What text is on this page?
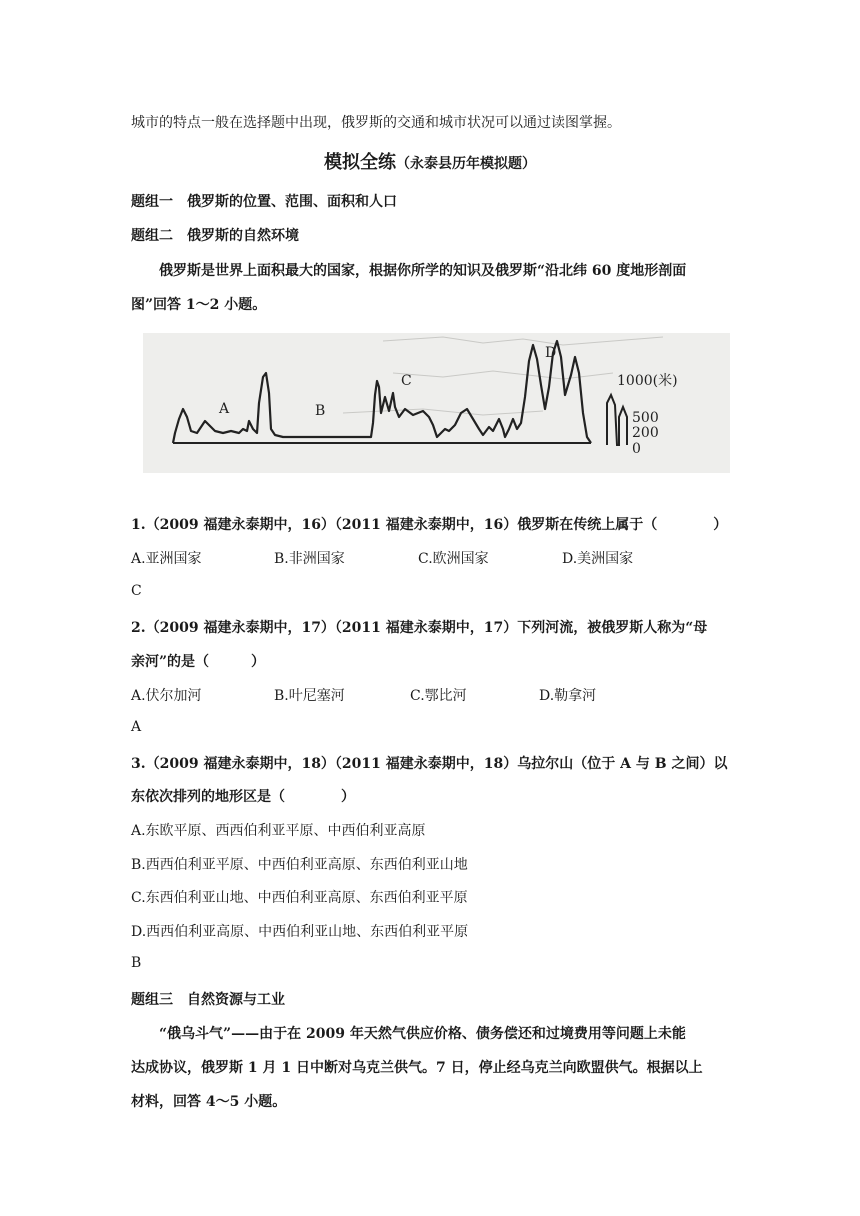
城市的特点一般在选择题中出现，俄罗斯的交通和城市状况可以通过读图掌握。
模拟全练（永泰县历年模拟题）
题组一　俄罗斯的位置、范围、面积和人口
题组二　俄罗斯的自然环境
俄罗斯是世界上面积最大的国家，根据你所学的知识及俄罗斯“沿北纬 60 度地形剖面
图”回答 1～2 小题。
A	B
C
D
1000(米)
500
200
0
1.（2009 福建永泰期中，16）（2011 福建永泰期中，16）俄罗斯在传统上属于（　　　　）
A.亚洲国家	B.非洲国家	C.欧洲国家	D.美洲国家
C
2.（2009 福建永泰期中，17）（2011 福建永泰期中，17）下列河流，被俄罗斯人称为“母
亲河”的是（　　　）
A.伏尔加河	B.叶尼塞河	C.鄂比河	D.勒拿河
A
3.（2009 福建永泰期中，18）（2011 福建永泰期中，18）乌拉尔山（位于 A 与 B 之间）以
东依次排列的地形区是（　　　　）
A.东欧平原、西西伯利亚平原、中西伯利亚高原
B.西西伯利亚平原、中西伯利亚高原、东西伯利亚山地
C.东西伯利亚山地、中西伯利亚高原、东西伯利亚平原
D.西西伯利亚高原、中西伯利亚山地、东西伯利亚平原
B
题组三　自然资源与工业
“俄乌斗气”——由于在 2009 年天然气供应价格、债务偿还和过境费用等问题上未能
达成协议，俄罗斯 1 月 1 日中断对乌克兰供气。7 日，停止经乌克兰向欧盟供气。根据以上
材料，回答 4～5 小题。
